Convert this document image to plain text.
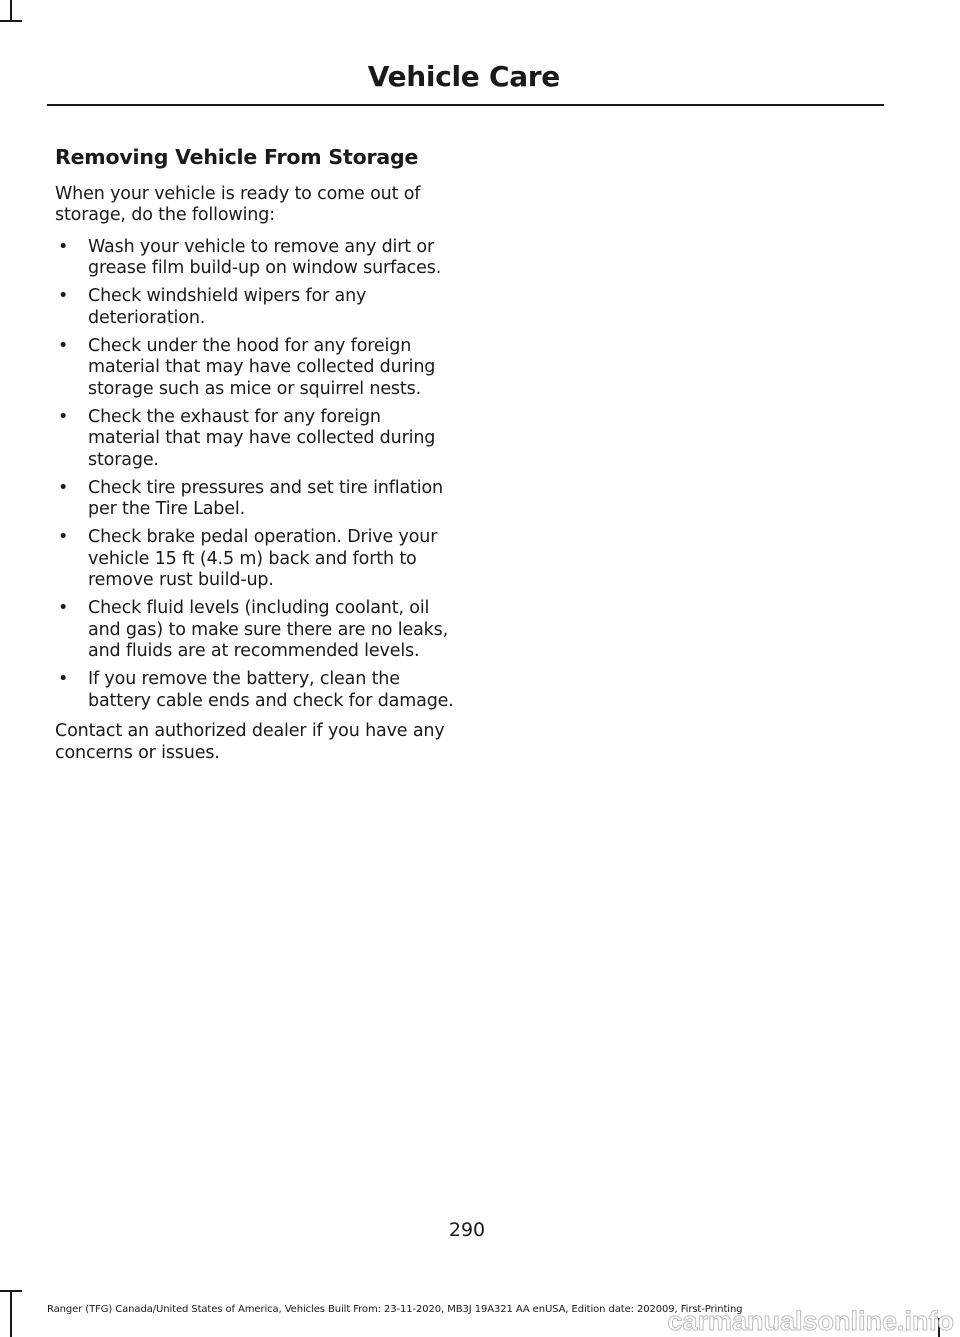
Vehicle Care
Removing Vehicle From Storage

When your vehicle is ready to come out of storage, do the following:

• Wash your vehicle to remove any dirt or grease film build-up on window surfaces.
• Check windshield wipers for any deterioration.
• Check under the hood for any foreign material that may have collected during storage such as mice or squirrel nests.
• Check the exhaust for any foreign material that may have collected during storage.
• Check tire pressures and set tire inflation per the Tire Label.
• Check brake pedal operation. Drive your vehicle 15 ft (4.5 m) back and forth to remove rust build-up.
• Check fluid levels (including coolant, oil and gas) to make sure there are no leaks, and fluids are at recommended levels.
• If you remove the battery, clean the battery cable ends and check for damage.

Contact an authorized dealer if you have any concerns or issues.

290
Ranger (TFG) Canada/United States of America, Vehicles Built From: 23-11-2020, MB3J 19A321 AA enUSA, Edition date: 202009, First-Printing
carmanualsonline.info
